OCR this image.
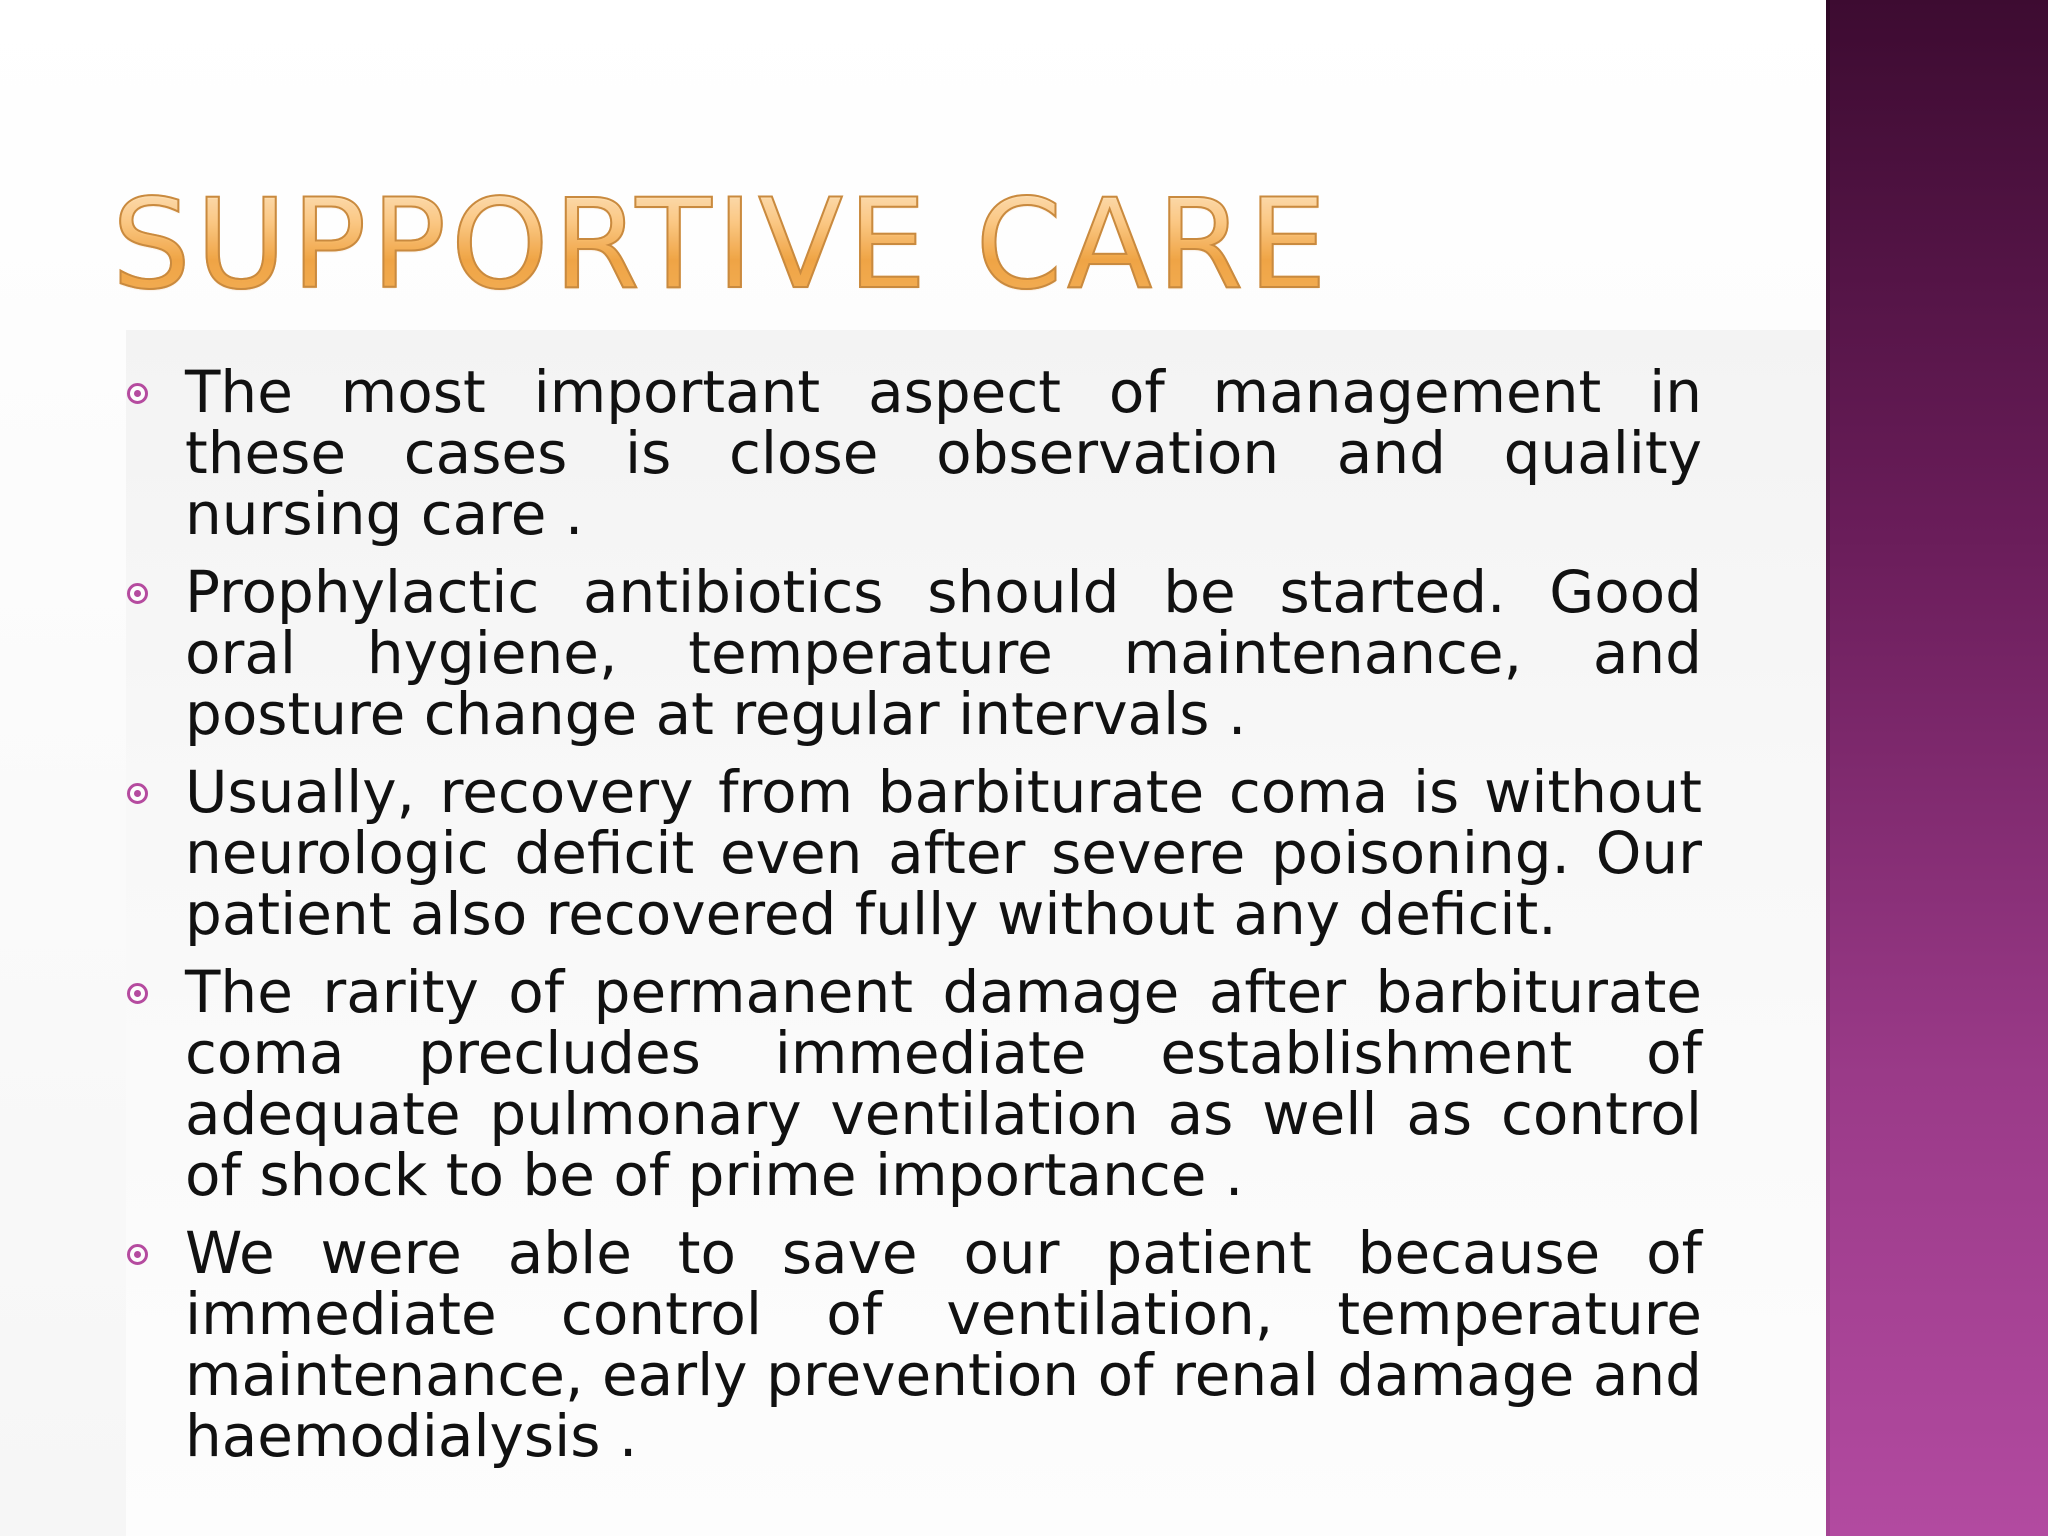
SUPPORTIVE CARE
The most important aspect of management in these cases is close observation and quality nursing care .
Prophylactic antibiotics should be started. Good oral hygiene, temperature maintenance, and posture change at regular intervals .
Usually, recovery from barbiturate coma is without neurologic deficit even after severe poisoning. Our patient also recovered fully without any deficit.
The rarity of permanent damage after barbiturate coma precludes immediate establishment of adequate pulmonary ventilation as well as control of shock to be of prime importance .
We were able to save our patient because of immediate control of ventilation, temperature maintenance, early prevention of renal damage and haemodialysis .
